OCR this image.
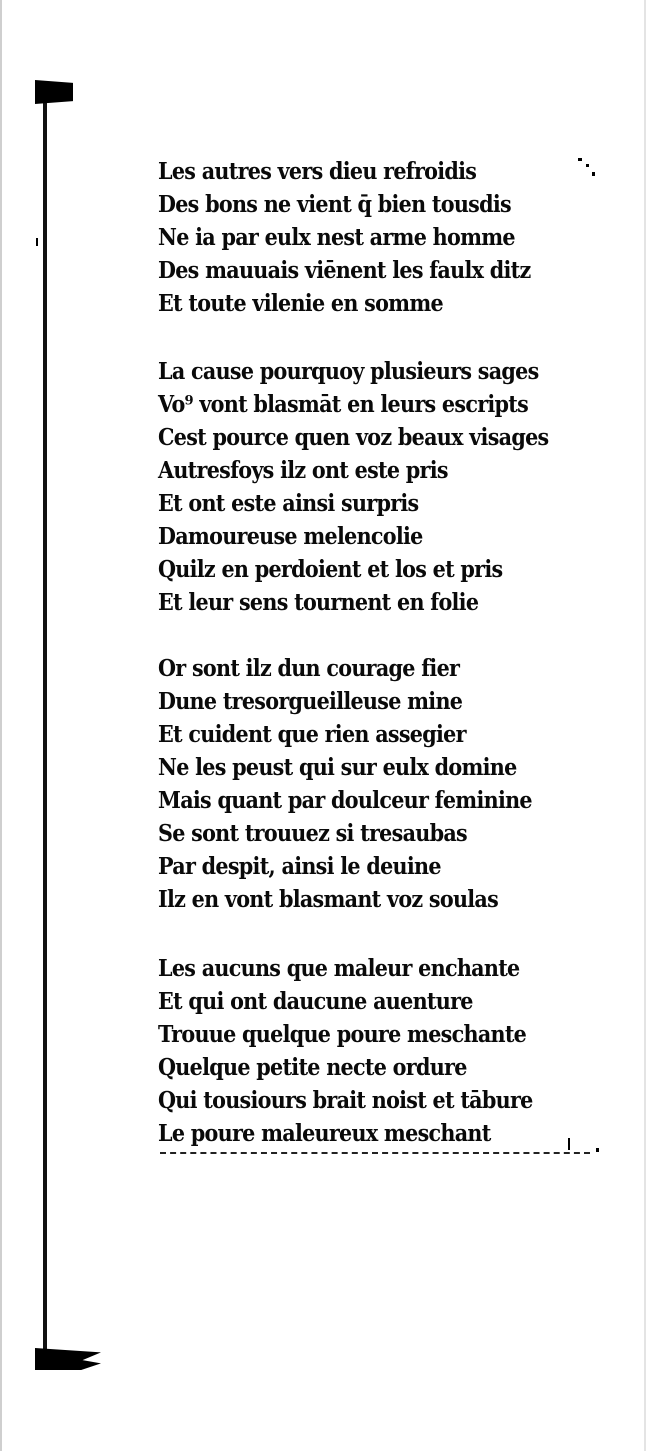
Les autres vers dieu refroidis
Des bons ne vient q̄ bien tousdis
Ne ia par eulx nest arme homme
Des mauuais viēnent les faulx ditz
Et toute vilenie en somme
La cause pourquoy plusieurs sages
Vo⁹ vont blasmāt en leurs escripts
Cest pource quen voz beaux visages
Autresfoys ilz ont este pris
Et ont este ainsi surpris
Damoureuse melencolie
Quilz en perdoient et los et pris
Et leur sens tournent en folie
Or sont ilz dun courage fier
Dune tresorgueilleuse mine
Et cuident que rien assegier
Ne les peust qui sur eulx domine
Mais quant par doulceur feminine
Se sont trouuez si tresaubas
Par despit, ainsi le deuine
Ilz en vont blasmant voz soulas
Les aucuns que maleur enchante
Et qui ont daucune auenture
Trouue quelque poure meschante
Quelque petite necte ordure
Qui tousiours brait noist et tābure
Le poure maleureux meschant
